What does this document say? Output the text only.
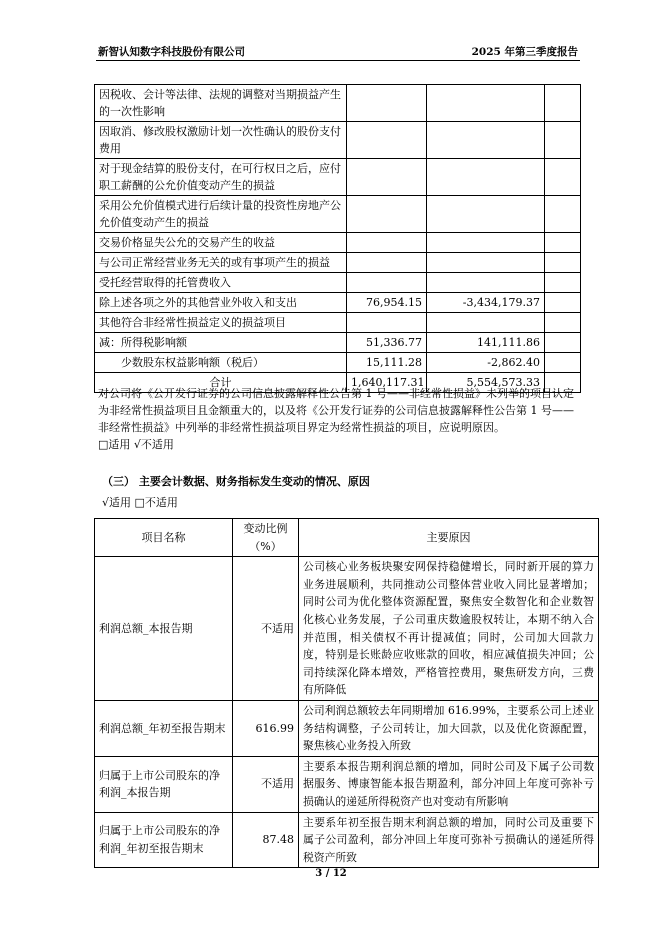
新智认知数字科技股份有限公司	2025 年第三季度报告
因税收、会计等法律、法规的调整对当期损益产生的一次性影响			
因取消、修改股权激励计划一次性确认的股份支付费用			
对于现金结算的股份支付，在可行权日之后，应付职工薪酬的公允价值变动产生的损益			
采用公允价值模式进行后续计量的投资性房地产公允价值变动产生的损益			
交易价格显失公允的交易产生的收益			
与公司正常经营业务无关的或有事项产生的损益			
受托经营取得的托管费收入			
除上述各项之外的其他营业外收入和支出	76,954.15	-3,434,179.37	
其他符合非经常性损益定义的损益项目			
减：所得税影响额	51,336.77	141,111.86	
少数股东权益影响额（税后）	15,111.28	-2,862.40	
合计	1,640,117.31	5,554,573.33	
对公司将《公开发行证券的公司信息披露解释性公告第 1 号——非经常性损益》未列举的项目认定为非经常性损益项目且金额重大的，以及将《公开发行证券的公司信息披露解释性公告第 1 号——非经常性损益》中列举的非经常性损益项目界定为经常性损益的项目，应说明原因。
□适用 √不适用
（三） 主要会计数据、财务指标发生变动的情况、原因
√适用 □不适用
项目名称	变动比例（%）	主要原因
利润总额_本报告期	不适用	公司核心业务板块聚安网保持稳健增长，同时新开展的算力业务进展顺利，共同推动公司整体营业收入同比显著增加；同时公司为优化整体资源配置，聚焦安全数智化和企业数智化核心业务发展，子公司重庆数逾股权转让，本期不纳入合并范围，相关债权不再计提减值；同时，公司加大回款力度，特别是长账龄应收账款的回收，相应减值损失冲回；公司持续深化降本增效，严格管控费用，聚焦研发方向，三费有所降低
利润总额_年初至报告期末	616.99	公司利润总额较去年同期增加 616.99%，主要系公司上述业务结构调整，子公司转让，加大回款，以及优化资源配置，聚焦核心业务投入所致
归属于上市公司股东的净利润_本报告期	不适用	主要系本报告期利润总额的增加，同时公司及下属子公司数据服务、博康智能本报告期盈利，部分冲回上年度可弥补亏损确认的递延所得税资产也对变动有所影响
归属于上市公司股东的净利润_年初至报告期末	87.48	主要系年初至报告期末利润总额的增加，同时公司及重要下属子公司盈利，部分冲回上年度可弥补亏损确认的递延所得税资产所致
3 / 12
